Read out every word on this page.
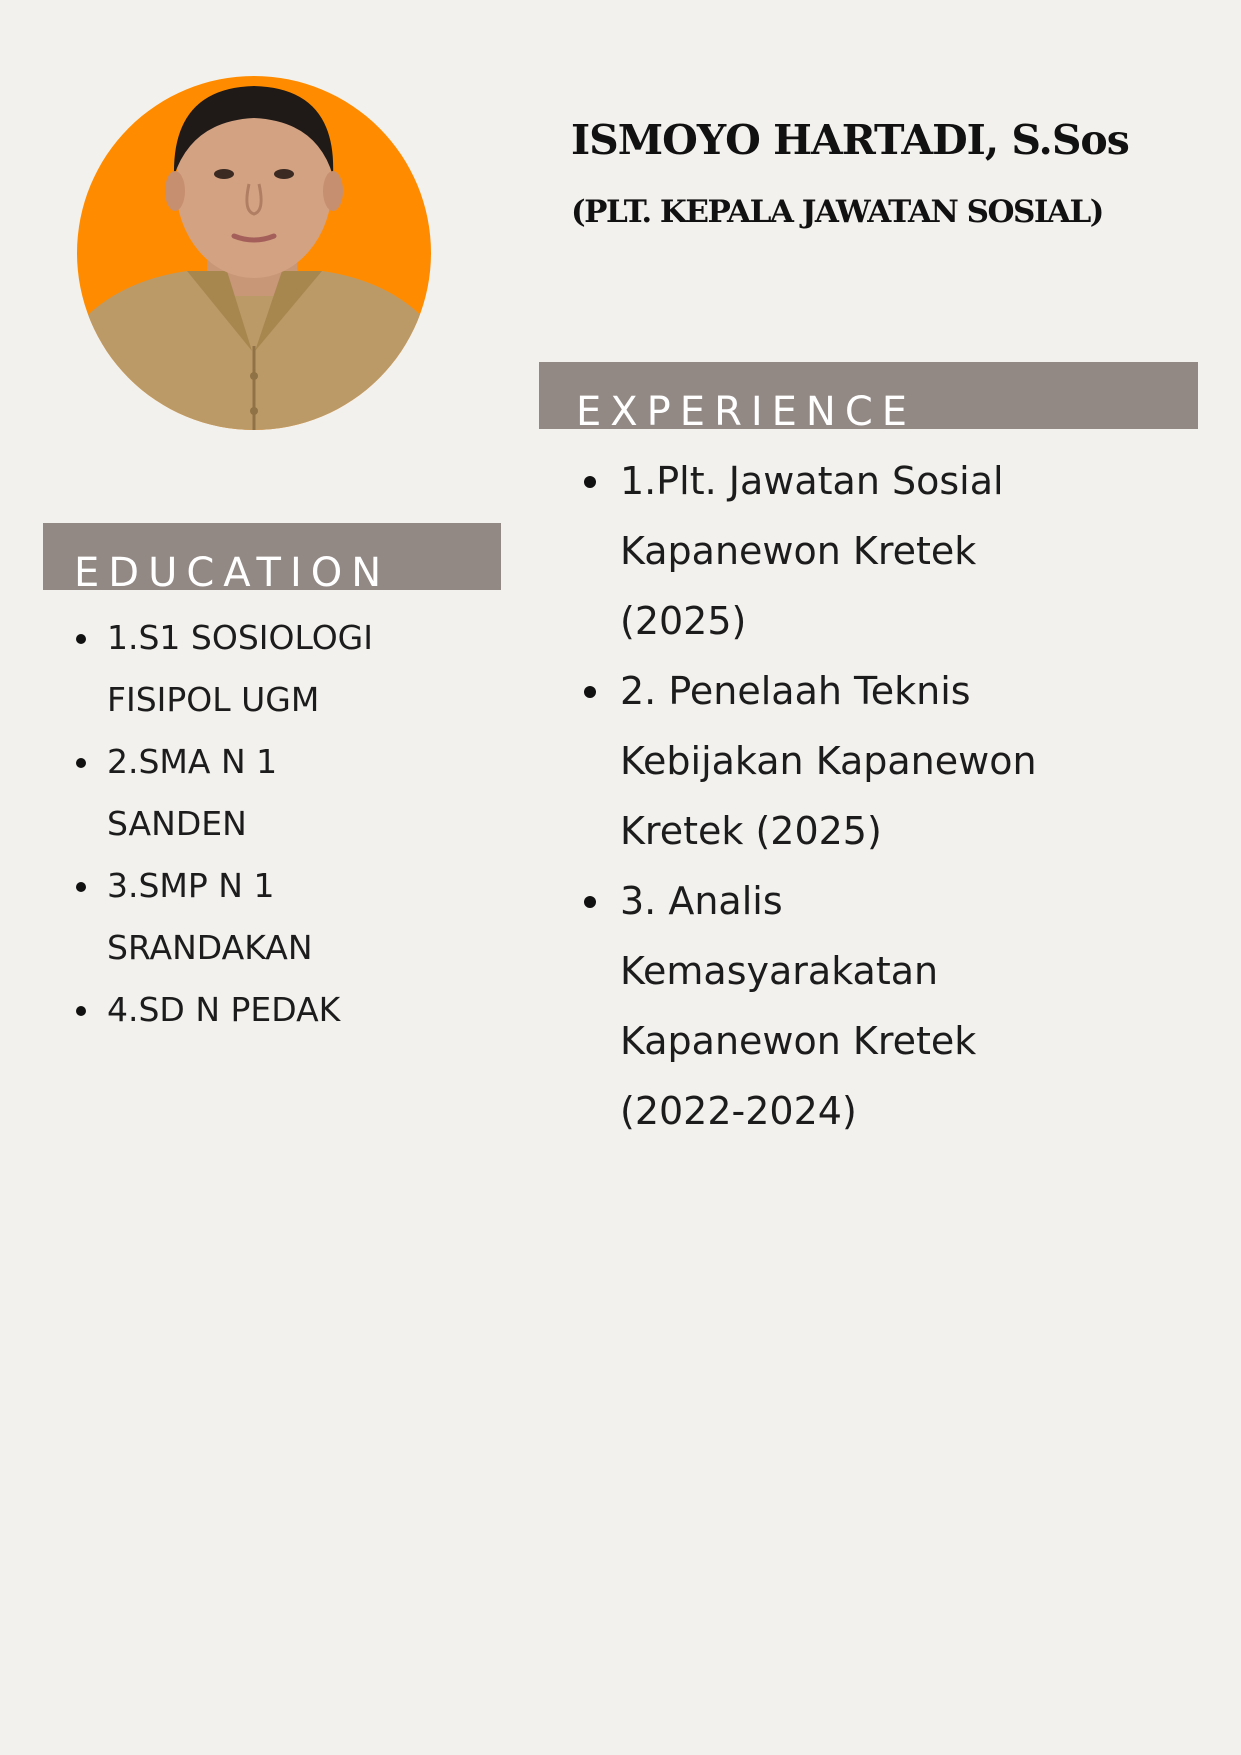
ISMOYO HARTADI, S.Sos
(PLT. KEPALA JAWATAN SOSIAL)
EXPERIENCE
1.Plt. Jawatan Sosial
Kapanewon Kretek
(2025)
2. Penelaah Teknis
Kebijakan Kapanewon
Kretek (2025)
3. Analis
Kemasyarakatan
Kapanewon Kretek
(2022-2024)
EDUCATION
1.S1 SOSIOLOGI
FISIPOL UGM
2.SMA N 1
SANDEN
3.SMP N 1
SRANDAKAN
4.SD N PEDAK
